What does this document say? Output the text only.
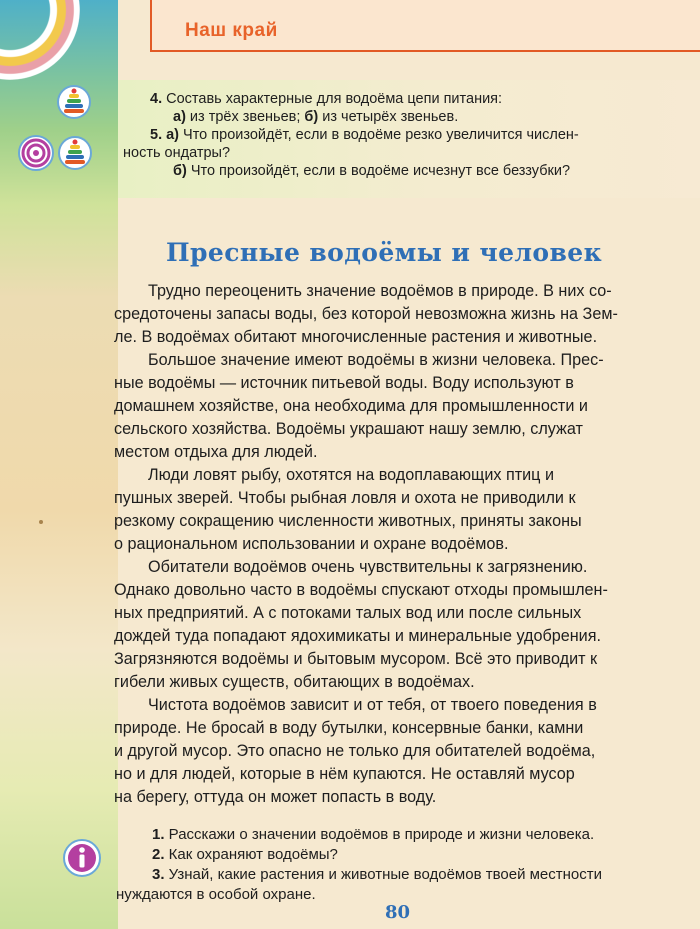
Наш край
4. Составь характерные для водоёма цепи питания:
а) из трёх звеньев; б) из четырёх звеньев.
5. а) Что произойдёт, если в водоёме резко увеличится числен-
ность ондатры?
б) Что произойдёт, если в водоёме исчезнут все беззубки?
Пресные водоёмы и человек
Трудно переоценить значение водоёмов в природе. В них со-
средоточены запасы воды, без которой невозможна жизнь на Зем-
ле. В водоёмах обитают многочисленные растения и животные.
Большое значение имеют водоёмы в жизни человека. Прес-
ные водоёмы — источник питьевой воды. Воду используют в
домашнем хозяйстве, она необходима для промышленности и
сельского хозяйства. Водоёмы украшают нашу землю, служат
местом отдыха для людей.
Люди ловят рыбу, охотятся на водоплавающих птиц и
пушных зверей. Чтобы рыбная ловля и охота не приводили к
резкому сокращению численности животных, приняты законы
о рациональном использовании и охране водоёмов.
Обитатели водоёмов очень чувствительны к загрязнению.
Однако довольно часто в водоёмы спускают отходы промышлен-
ных предприятий. А с потоками талых вод или после сильных
дождей туда попадают ядохимикаты и минеральные удобрения.
Загрязняются водоёмы и бытовым мусором. Всё это приводит к
гибели живых существ, обитающих в водоёмах.
Чистота водоёмов зависит и от тебя, от твоего поведения в
природе. Не бросай в воду бутылки, консервные банки, камни
и другой мусор. Это опасно не только для обитателей водоёма,
но и для людей, которые в нём купаются. Не оставляй мусор
на берегу, оттуда он может попасть в воду.
1. Расскажи о значении водоёмов в природе и жизни человека.
2. Как охраняют водоёмы?
3. Узнай, какие растения и животные водоёмов твоей местности
нуждаются в особой охране.
80
